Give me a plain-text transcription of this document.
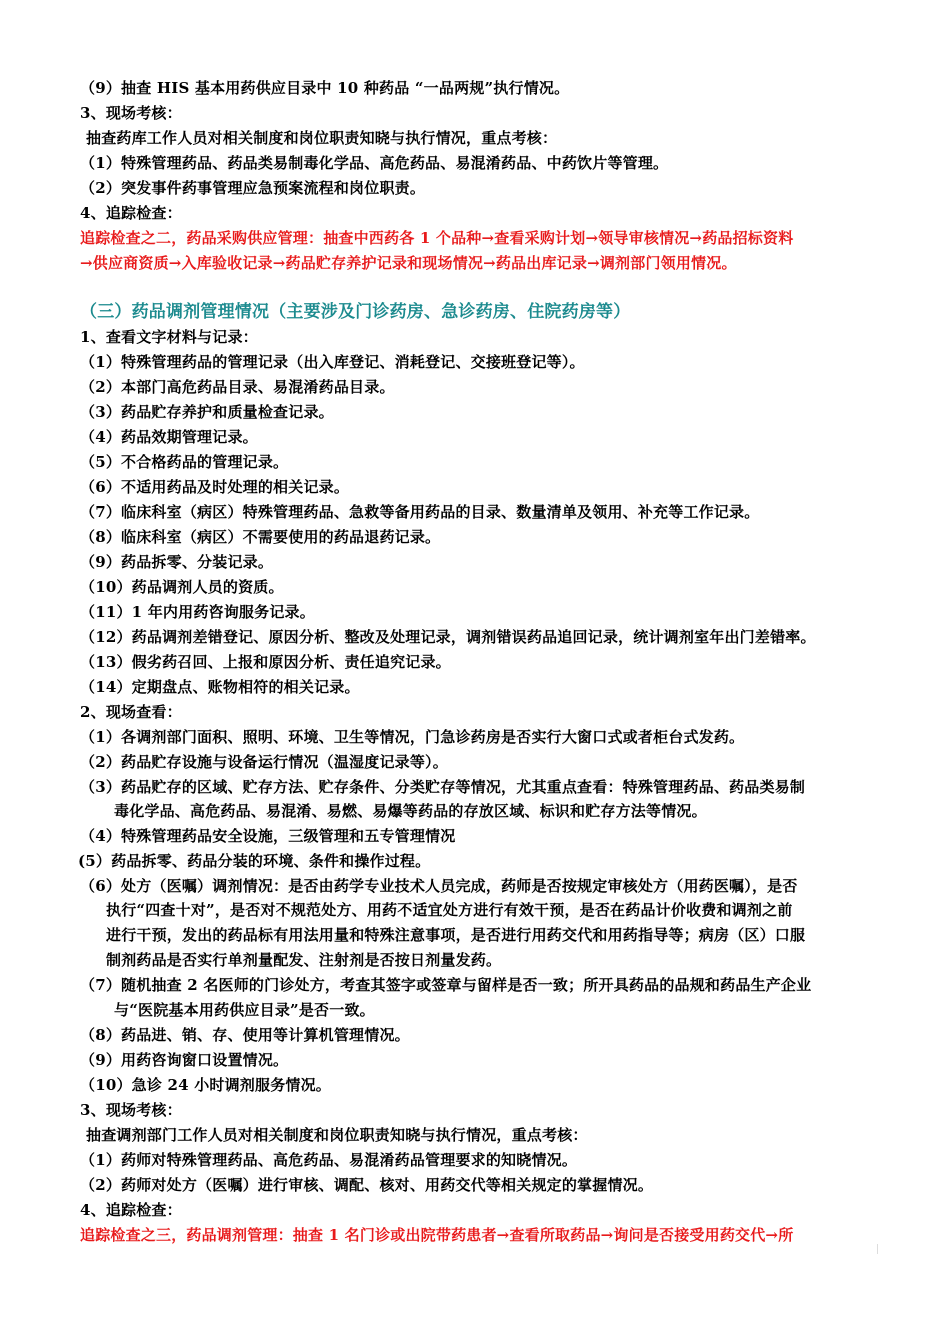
（9）抽查 HIS 基本用药供应目录中 10 种药品 “一品两规”执行情况。
3、现场考核：
抽查药库工作人员对相关制度和岗位职责知晓与执行情况，重点考核：
（1）特殊管理药品、药品类易制毒化学品、高危药品、易混淆药品、中药饮片等管理。
（2）突发事件药事管理应急预案流程和岗位职责。
4、追踪检查：
追踪检查之二，药品采购供应管理：抽查中西药各 1 个品种→查看采购计划→领导审核情况→药品招标资料
→供应商资质→入库验收记录→药品贮存养护记录和现场情况→药品出库记录→调剂部门领用情况。
（三）药品调剂管理情况（主要涉及门诊药房、急诊药房、住院药房等）
1、查看文字材料与记录：
（1）特殊管理药品的管理记录（出入库登记、消耗登记、交接班登记等）。
（2）本部门高危药品目录、易混淆药品目录。
（3）药品贮存养护和质量检查记录。
（4）药品效期管理记录。
（5）不合格药品的管理记录。
（6）不适用药品及时处理的相关记录。
（7）临床科室（病区）特殊管理药品、急救等备用药品的目录、数量清单及领用、补充等工作记录。
（8）临床科室（病区）不需要使用的药品退药记录。
（9）药品拆零、分装记录。
（10）药品调剂人员的资质。
（11）1 年内用药咨询服务记录。
（12）药品调剂差错登记、原因分析、整改及处理记录，调剂错误药品追回记录，统计调剂室年出门差错率。
（13）假劣药召回、上报和原因分析、责任追究记录。
（14）定期盘点、账物相符的相关记录。
2、现场查看：
（1）各调剂部门面积、照明、环境、卫生等情况，门急诊药房是否实行大窗口式或者柜台式发药。
（2）药品贮存设施与设备运行情况（温湿度记录等）。
（3）药品贮存的区域、贮存方法、贮存条件、分类贮存等情况，尤其重点查看：特殊管理药品、药品类易制
毒化学品、高危药品、易混淆、易燃、易爆等药品的存放区域、标识和贮存方法等情况。
（4）特殊管理药品安全设施，三级管理和五专管理情况
(5）药品拆零、药品分装的环境、条件和操作过程。
（6）处方（医嘱）调剂情况：是否由药学专业技术人员完成，药师是否按规定审核处方（用药医嘱），是否
执行“四查十对”，是否对不规范处方、用药不适宜处方进行有效干预，是否在药品计价收费和调剂之前
进行干预，发出的药品标有用法用量和特殊注意事项，是否进行用药交代和用药指导等；病房（区）口服
制剂药品是否实行单剂量配发、注射剂是否按日剂量发药。
（7）随机抽查 2 名医师的门诊处方，考查其签字或签章与留样是否一致；所开具药品的品规和药品生产企业
与“医院基本用药供应目录”是否一致。
（8）药品进、销、存、使用等计算机管理情况。
（9）用药咨询窗口设置情况。
（10）急诊 24 小时调剂服务情况。
3、现场考核：
抽查调剂部门工作人员对相关制度和岗位职责知晓与执行情况，重点考核：
（1）药师对特殊管理药品、高危药品、易混淆药品管理要求的知晓情况。
（2）药师对处方（医嘱）进行审核、调配、核对、用药交代等相关规定的掌握情况。
4、追踪检查：
追踪检查之三，药品调剂管理：抽查 1 名门诊或出院带药患者→查看所取药品→询问是否接受用药交代→所
